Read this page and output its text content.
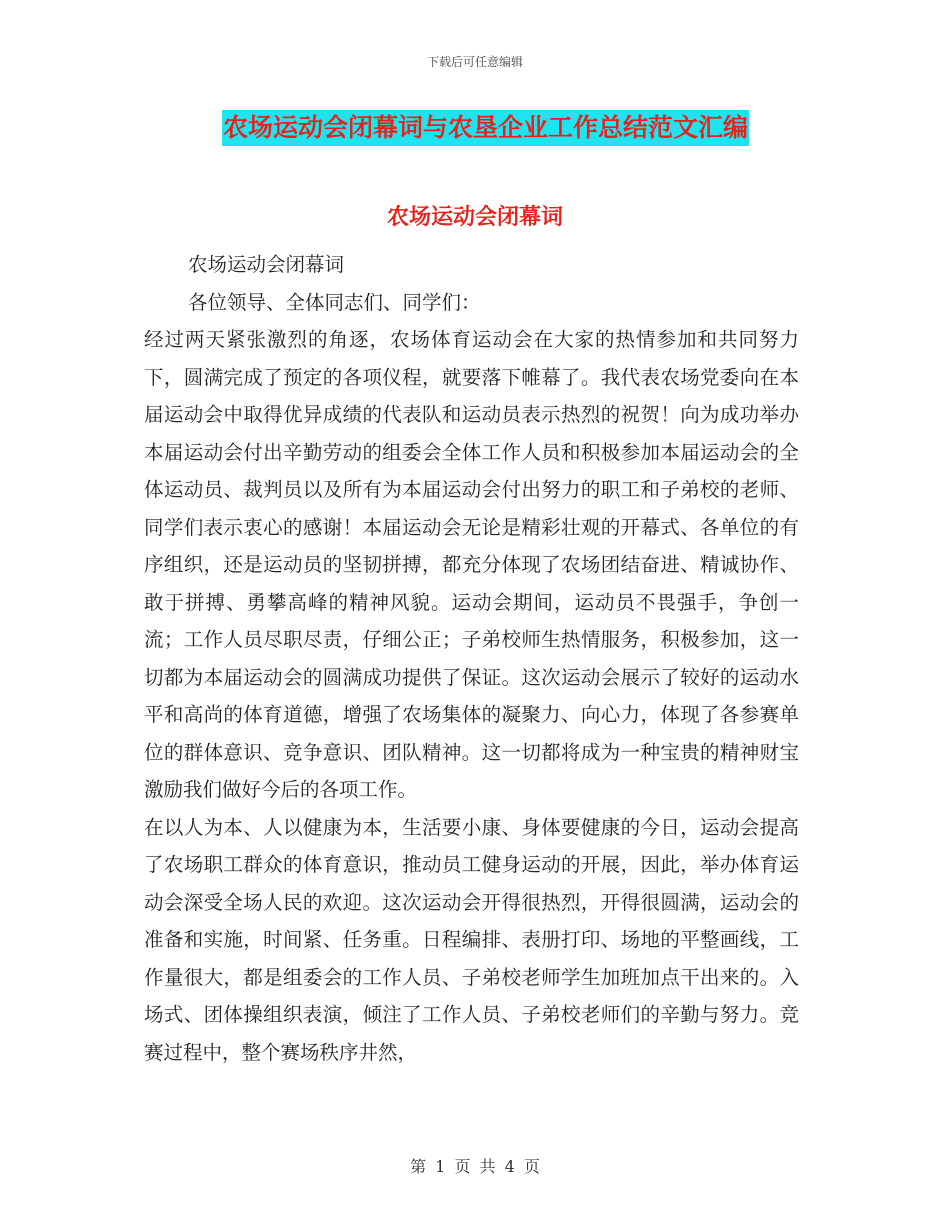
下载后可任意编辑
农场运动会闭幕词与农垦企业工作总结范文汇编
农场运动会闭幕词

农场运动会闭幕词

各位领导、全体同志们、同学们：

经过两天紧张激烈的角逐，农场体育运动会在大家的热情参加和共同努力下，圆满完成了预定的各项仪程，就要落下帷幕了。我代表农场党委向在本届运动会中取得优异成绩的代表队和运动员表示热烈的祝贺！向为成功举办本届运动会付出辛勤劳动的组委会全体工作人员和积极参加本届运动会的全体运动员、裁判员以及所有为本届运动会付出努力的职工和子弟校的老师、同学们表示衷心的感谢！本届运动会无论是精彩壮观的开幕式、各单位的有序组织，还是运动员的坚韧拼搏，都充分体现了农场团结奋进、精诚协作、敢于拼搏、勇攀高峰的精神风貌。运动会期间，运动员不畏强手，争创一流；工作人员尽职尽责，仔细公正；子弟校师生热情服务，积极参加，这一切都为本届运动会的圆满成功提供了保证。这次运动会展示了较好的运动水平和高尚的体育道德，增强了农场集体的凝聚力、向心力，体现了各参赛单位的群体意识、竞争意识、团队精神。这一切都将成为一种宝贵的精神财宝激励我们做好今后的各项工作。

在以人为本、人以健康为本，生活要小康、身体要健康的今日，运动会提高了农场职工群众的体育意识，推动员工健身运动的开展，因此，举办体育运动会深受全场人民的欢迎。这次运动会开得很热烈，开得很圆满，运动会的准备和实施，时间紧、任务重。日程编排、表册打印、场地的平整画线，工作量很大，都是组委会的工作人员、子弟校老师学生加班加点干出来的。入场式、团体操组织表演，倾注了工作人员、子弟校老师们的辛勤与努力。竞赛过程中，整个赛场秩序井然，

第 1 页 共 4 页
